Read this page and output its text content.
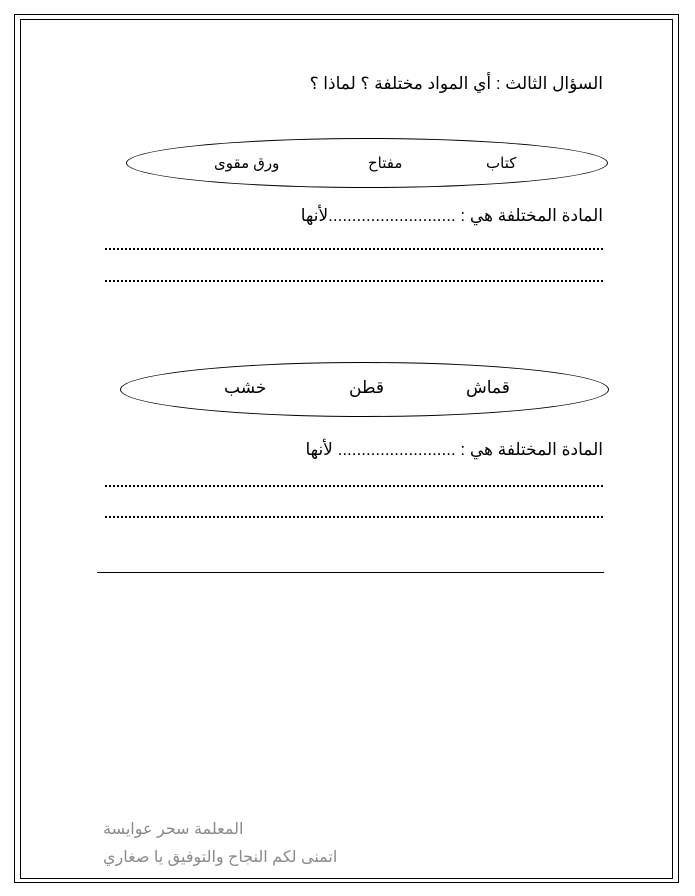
السؤال الثالث : أي المواد مختلفة ؟ لماذا ؟
كتاب
مفتاح
ورق مقوى
المادة المختلفة هي : ...........................لأنها
قماش
قطن
خشب
المادة المختلفة هي : ......................... لأنها
المعلمة سحر عوايسة
اتمنى لكم النجاح والتوفيق يا صغاري
